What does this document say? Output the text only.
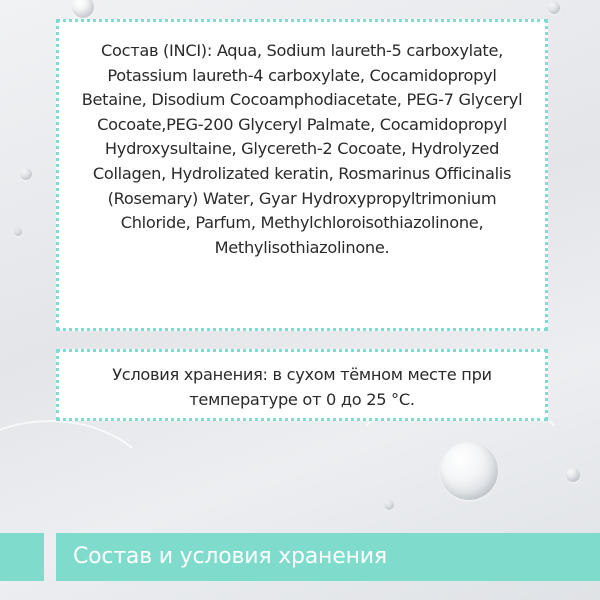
Состав (INCI): Aqua, Sodium laureth-5 carboxylate, Potassium laureth-4 carboxylate, Cocamidopropyl Betaine, Disodium Cocoamphodiacetate, PEG-7 Glyceryl Cocoate,PEG-200 Glyceryl Palmate, Cocamidopropyl Hydroxysultaine, Glycereth-2 Cocoate, Hydrolyzed Collagen, Hydrolizated keratin, Rosmarinus Officinalis (Rosemary) Water, Gyar Hydroxypropyltrimonium Chloride, Parfum, Methylchloroisothiazolinone, Methylisothiazolinone.

Условия хранения: в сухом тёмном месте при температуре от 0 до 25 °С.

Состав и условия хранения
